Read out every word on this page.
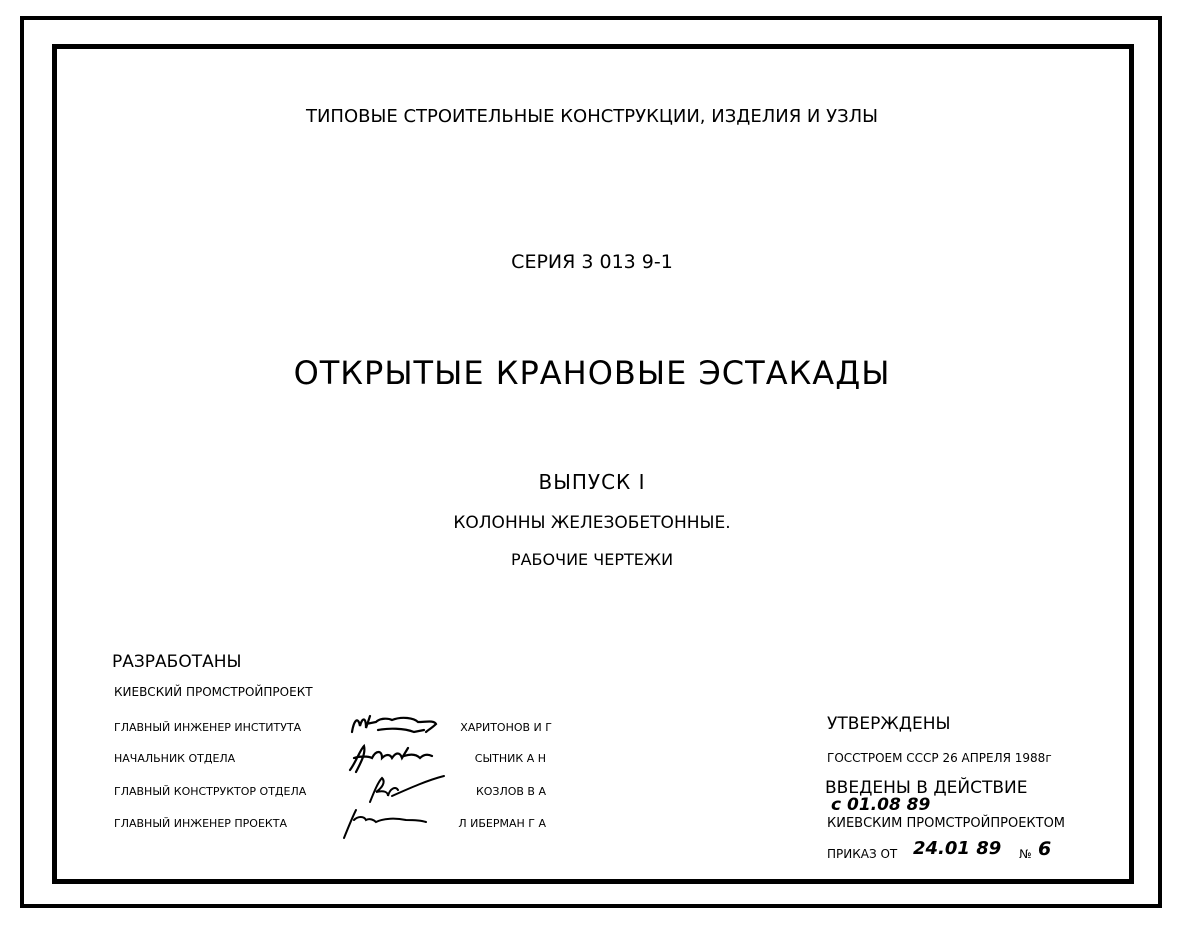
ТИПОВЫЕ СТРОИТЕЛЬНЫЕ КОНСТРУКЦИИ, ИЗДЕЛИЯ И УЗЛЫ
СЕРИЯ 3 013 9-1
ОТКРЫТЫЕ КРАНОВЫЕ ЭСТАКАДЫ
ВЫПУСК I
КОЛОННЫ ЖЕЛЕЗОБЕТОННЫЕ.
РАБОЧИЕ ЧЕРТЕЖИ
РАЗРАБОТАНЫ
КИЕВСКИЙ ПРОМСТРОЙПРОЕКТ
ГЛАВНЫЙ ИНЖЕНЕР ИНСТИТУТА	ХАРИТОНОВ И Г
НАЧАЛЬНИК ОТДЕЛА	СЫТНИК А Н
ГЛАВНЫЙ КОНСТРУКТОР ОТДЕЛА	КОЗЛОВ В А
ГЛАВНЫЙ ИНЖЕНЕР ПРОЕКТА	Л ИБЕРМАН Г А
УТВЕРЖДЕНЫ
ГОССТРОЕМ СССР 26 АПРЕЛЯ 1988г
ВВЕДЕНЫ В ДЕЙСТВИЕ
с 01.08 89
КИЕВСКИМ ПРОМСТРОЙПРОЕКТОМ
ПРИКАЗ ОТ 24.01 89 № 6
